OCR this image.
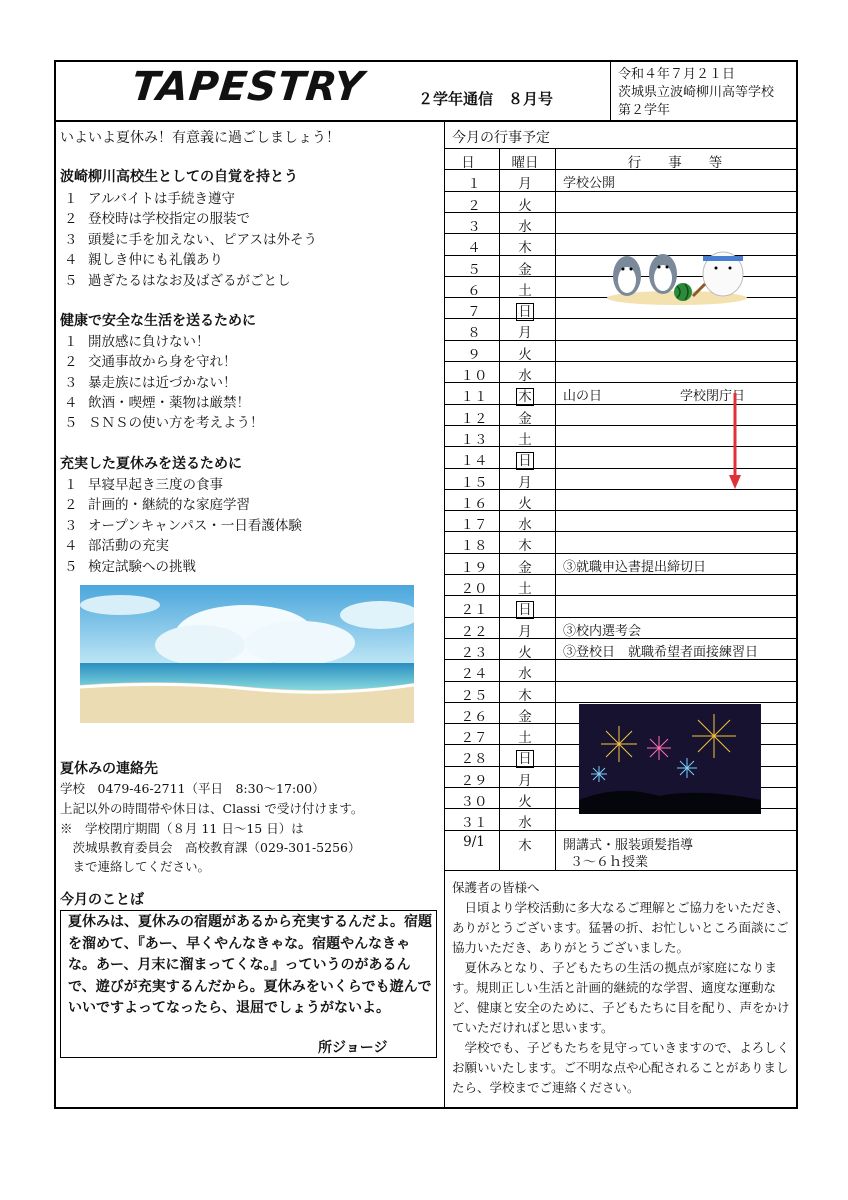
TAPESTRY	２学年通信　８月号
令和４年７月２１日
茨城県立波崎柳川高等学校
第２学年
いよいよ夏休み！有意義に過ごしましょう！
波崎柳川高校生としての自覚を持とう
１ アルバイトは手続き遵守
２ 登校時は学校指定の服装で
３ 頭髪に手を加えない、ピアスは外そう
４ 親しき仲にも礼儀あり
５ 過ぎたるはなお及ばざるがごとし
健康で安全な生活を送るために
１ 開放感に負けない！
２ 交通事故から身を守れ！
３ 暴走族には近づかない！
４ 飲酒・喫煙・薬物は厳禁！
５ ＳＮＳの使い方を考えよう！
充実した夏休みを送るために
１ 早寝早起き三度の食事
２ 計画的・継続的な家庭学習
３ オープンキャンパス・一日看護体験
４ 部活動の充実
５ 検定試験への挑戦
夏休みの連絡先
学校　0479-46-2711（平日　8:30～17:00）
上記以外の時間帯や休日は、Classi で受け付けます。
※　学校閉庁期間（８月 11 日～15 日）は
　茨城県教育委員会　高校教育課（029-301-5256）
　まで連絡してください。
今月のことば
夏休みは、夏休みの宿題があるから充実するんだよ。宿題を溜めて、『あー、早くやんなきゃな。宿題やんなきゃな。あー、月末に溜まってくな。』っていうのがあるんで、遊びが充実するんだから。夏休みをいくらでも遊んでいいですよってなったら、退屈でしょうがないよ。
所ジョージ
今月の行事予定
日	曜日	行　　事　　等
１	月	学校公開
２	火
３	水
４	木
５	金
６	土
７	日
８	月
９	火
１０	水
１１	木	山の日　　　　　　学校閉庁日
１２	金
１３	土
１４	日
１５	月
１６	火
１７	水
１８	木
１９	金	③就職申込書提出締切日
２０	土
２１	日
２２	月	③校内選考会
２３	火	③登校日　就職希望者面接練習日
２４	水
２５	木
２６	金
２７	土
２８	日
２９	月
３０	火
３１	水
9/1	木	開講式・服装頭髪指導
３～６ｈ授業
保護者の皆様へ

日頃より学校活動に多大なるご理解とご協力をいただき、ありがとうございます。猛暑の折、お忙しいところ面談にご協力いただき、ありがとうございました。

夏休みとなり、子どもたちの生活の拠点が家庭になります。規則正しい生活と計画的継続的な学習、適度な運動など、健康と安全のために、子どもたちに目を配り、声をかけていただければと思います。

学校でも、子どもたちを見守っていきますので、よろしくお願いいたします。ご不明な点や心配されることがありましたら、学校までご連絡ください。
